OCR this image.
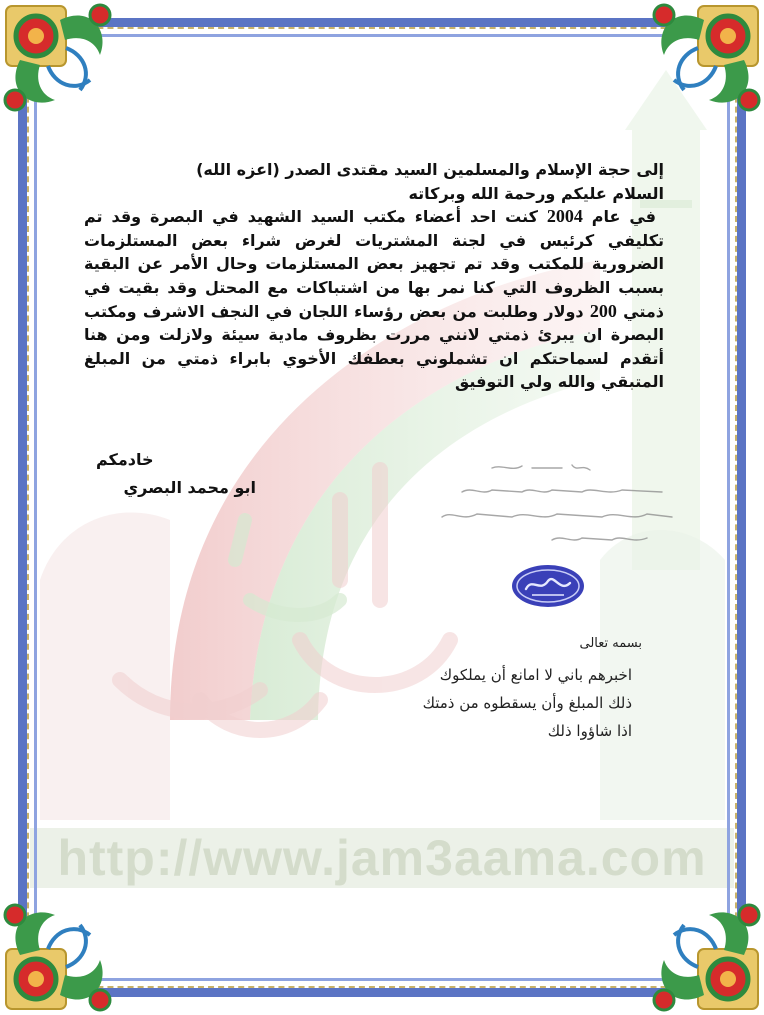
http://www.jam3aama.com

إلى حجة الإسلام والمسلمين السيد مقتدى الصدر (اعزه الله)

السلام عليكم ورحمة الله وبركاته

في عام 2004 كنت احد أعضاء مكتب السيد الشهيد في البصرة وقد تم تكليفي كرئيس في لجنة المشتريات لغرض شراء بعض المستلزمات الضرورية للمكتب وقد تم تجهيز بعض المستلزمات وحال الأمر عن البقية بسبب الظروف التي كنا نمر بها من اشتباكات مع المحتل وقد بقيت في ذمتي 200 دولار وطلبت من بعض رؤساء اللجان في النجف الاشرف ومكتب البصرة ان يبرئ ذمتي لانني مررت بظروف مادية سيئة ولازلت ومن هنا أتقدم لسماحتكم ان تشملوني بعطفك الأخوي بابراء ذمتي من المبلغ المتبقي والله ولي التوفيق

خادمكم
ابو محمد البصري
بسمه تعالى
اخبرهم باني لا امانع أن يملكوك
ذلك المبلغ وأن يسقطوه من ذمتك
اذا شاؤوا ذلك
